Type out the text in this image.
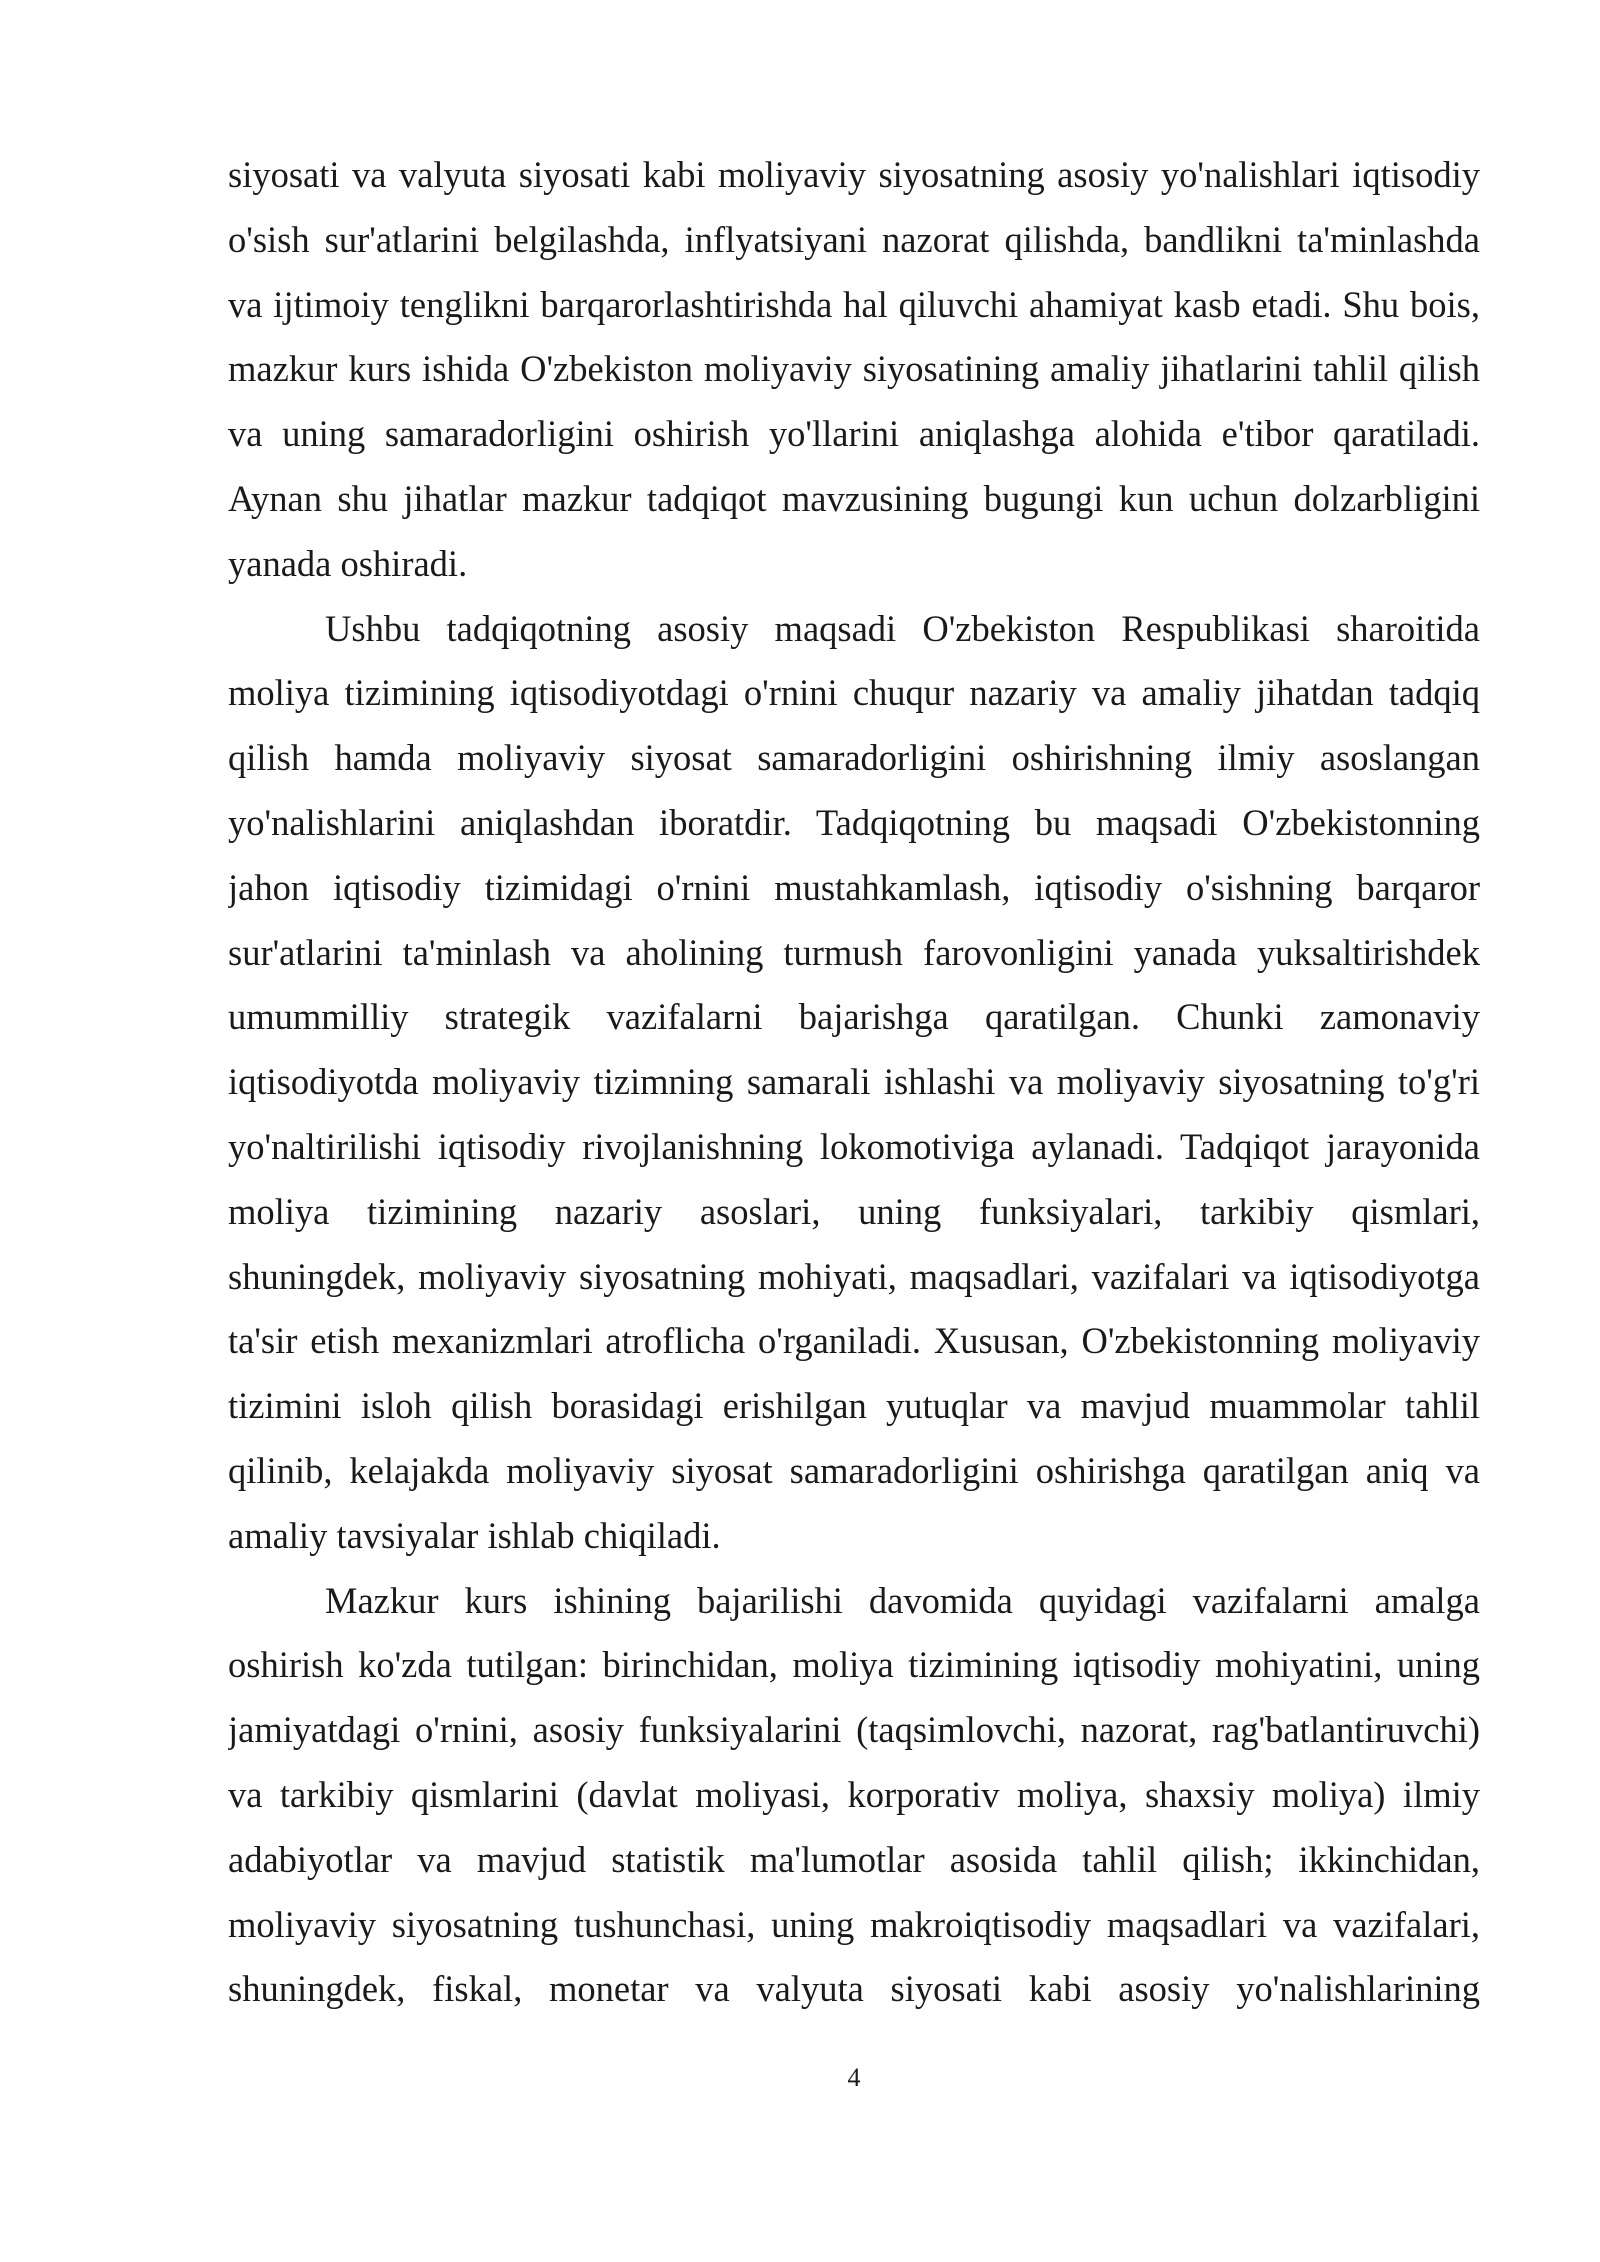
siyosati va valyuta siyosati kabi moliyaviy siyosatning asosiy yo'nalishlari iqtisodiy
o'sish sur'atlarini belgilashda, inflyatsiyani nazorat qilishda, bandlikni ta'minlashda
va ijtimoiy tenglikni barqarorlashtirishda hal qiluvchi ahamiyat kasb etadi. Shu bois,
mazkur kurs ishida O'zbekiston moliyaviy siyosatining amaliy jihatlarini tahlil qilish
va uning samaradorligini oshirish yo'llarini aniqlashga alohida e'tibor qaratiladi.
Aynan shu jihatlar mazkur tadqiqot mavzusining bugungi kun uchun dolzarbligini
yanada oshiradi.
Ushbu tadqiqotning asosiy maqsadi O'zbekiston Respublikasi sharoitida
moliya tizimining iqtisodiyotdagi o'rnini chuqur nazariy va amaliy jihatdan tadqiq
qilish hamda moliyaviy siyosat samaradorligini oshirishning ilmiy asoslangan
yo'nalishlarini aniqlashdan iboratdir. Tadqiqotning bu maqsadi O'zbekistonning
jahon iqtisodiy tizimidagi o'rnini mustahkamlash, iqtisodiy o'sishning barqaror
sur'atlarini ta'minlash va aholining turmush farovonligini yanada yuksaltirishdek
umummilliy strategik vazifalarni bajarishga qaratilgan. Chunki zamonaviy
iqtisodiyotda moliyaviy tizimning samarali ishlashi va moliyaviy siyosatning to'g'ri
yo'naltirilishi iqtisodiy rivojlanishning lokomotiviga aylanadi. Tadqiqot jarayonida
moliya tizimining nazariy asoslari, uning funksiyalari, tarkibiy qismlari,
shuningdek, moliyaviy siyosatning mohiyati, maqsadlari, vazifalari va iqtisodiyotga
ta'sir etish mexanizmlari atroflicha o'rganiladi. Xususan, O'zbekistonning moliyaviy
tizimini isloh qilish borasidagi erishilgan yutuqlar va mavjud muammolar tahlil
qilinib, kelajakda moliyaviy siyosat samaradorligini oshirishga qaratilgan aniq va
amaliy tavsiyalar ishlab chiqiladi.
Mazkur kurs ishining bajarilishi davomida quyidagi vazifalarni amalga
oshirish ko'zda tutilgan: birinchidan, moliya tizimining iqtisodiy mohiyatini, uning
jamiyatdagi o'rnini, asosiy funksiyalarini (taqsimlovchi, nazorat, rag'batlantiruvchi)
va tarkibiy qismlarini (davlat moliyasi, korporativ moliya, shaxsiy moliya) ilmiy
adabiyotlar va mavjud statistik ma'lumotlar asosida tahlil qilish; ikkinchidan,
moliyaviy siyosatning tushunchasi, uning makroiqtisodiy maqsadlari va vazifalari,
shuningdek, fiskal, monetar va valyuta siyosati kabi asosiy yo'nalishlarining
4
